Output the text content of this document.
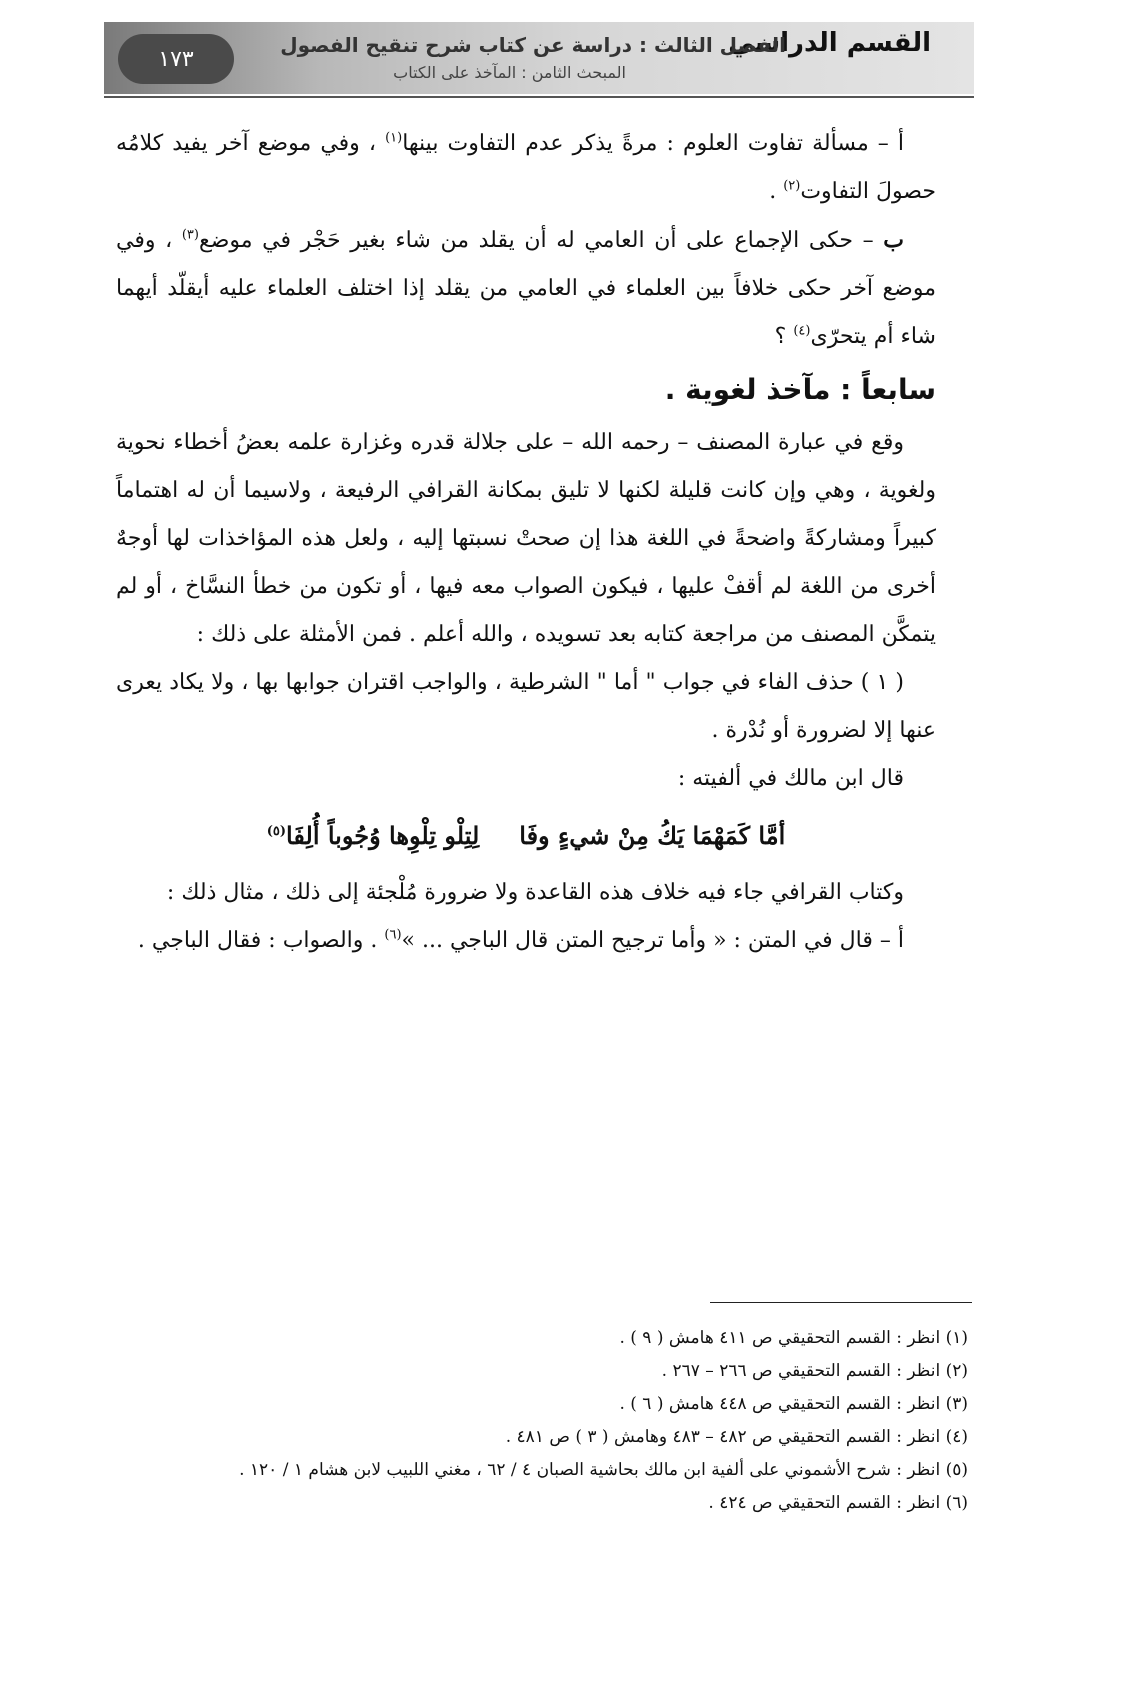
١٧٣
القسم الدراسي
الفصل الثالث : دراسة عن كتاب شرح تنقيح الفصول
المبحث الثامن : المآخذ على الكتاب

أ – مسألة تفاوت العلوم : مرةً يذكر عدم التفاوت بينها$^{(١)}$ ، وفي موضع آخر يفيد كلامُه حصولَ التفاوت$^{(٢)}$ .

ب – حكى الإجماع على أن العامي له أن يقلد من شاء بغير حَجْر في موضع$^{(٣)}$ ، وفي موضع آخر حكى خلافاً بين العلماء في العامي من يقلد إذا اختلف العلماء عليه أيقلّد أيهما شاء أم يتحرّى$^{(٤)}$ ؟

سابعاً : مآخذ لغوية .

وقع في عبارة المصنف – رحمه الله – على جلالة قدره وغزارة علمه بعضُ أخطاء نحوية ولغوية ، وهي وإن كانت قليلة لكنها لا تليق بمكانة القرافي الرفيعة ، ولاسيما أن له اهتماماً كبيراً ومشاركةً واضحةً في اللغة هذا إن صحتْ نسبتها إليه ، ولعل هذه المؤاخذات لها أوجهٌ أخرى من اللغة لم أقفْ عليها ، فيكون الصواب معه فيها ، أو تكون من خطأ النسَّاخ ، أو لم يتمكَّن المصنف من مراجعة كتابه بعد تسويده ، والله أعلم . فمن الأمثلة على ذلك :

( ١ ) حذف الفاء في جواب " أما " الشرطية ، والواجب اقتران جوابها بها ، ولا يكاد يعرى عنها إلا لضرورة أو نُدْرة .

قال ابن مالك في ألفيته :

أمَّا كَمَهْمَا يَكُ مِنْ شيءٍ وفَالِتِلْو تِلْوِها وُجُوباً أُلِفَا$^{(٥)}$

وكتاب القرافي جاء فيه خلاف هذه القاعدة ولا ضرورة مُلْجئة إلى ذلك ، مثال ذلك :

أ – قال في المتن : « وأما ترجيح المتن قال الباجي ... »$^{(٦)}$ . والصواب : فقال الباجي .

(١) انظر : القسم التحقيقي ص ٤١١ هامش ( ٩ ) .
(٢) انظر : القسم التحقيقي ص ٢٦٦ – ٢٦٧ .
(٣) انظر : القسم التحقيقي ص ٤٤٨ هامش ( ٦ ) .
(٤) انظر : القسم التحقيقي ص ٤٨٢ – ٤٨٣ وهامش ( ٣ ) ص ٤٨١ .
(٥) انظر : شرح الأشموني على ألفية ابن مالك بحاشية الصبان ٤ / ٦٢ ، مغني اللبيب لابن هشام ١ / ١٢٠ .
(٦) انظر : القسم التحقيقي ص ٤٢٤ .
